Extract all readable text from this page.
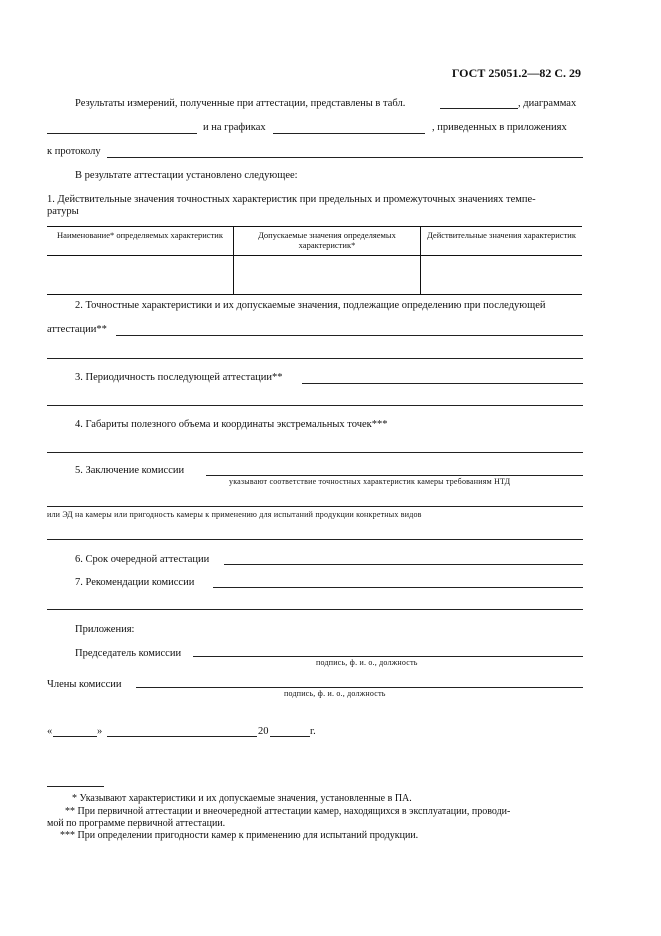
ГОСТ 25051.2—82 С. 29
Результаты измерений, полученные при аттестации, представлены в табл.	, диаграммах
и на графиках	, приведенных в приложениях
к протоколу
В результате аттестации установлено следующее:
1. Действительные значения точностных характеристик при предельных и промежуточных значениях темпе-
ратуры
Наименование* определяемых характеристик	Допускаемые значения определяемых характеристик*	Действительные значения характеристик

2. Точностные характеристики и их допускаемые значения, подлежащие определению при последующей
аттестации**
3. Периодичность последующей аттестации**
4. Габариты полезного объема и координаты экстремальных точек***
5. Заключение комиссии
указывают соответствие точностных характеристик камеры требованиям НТД
или ЭД на камеры или пригодность камеры к применению для испытаний продукции конкретных видов
6. Срок очередной аттестации
7. Рекомендации комиссии
Приложения:
Председатель комиссии
подпись, ф. и. о., должность
Члены комиссии
подпись, ф. и. о., должность
«	»	20	г.
* Указывают характеристики и их допускаемые значения, установленные в ПА.
** При первичной аттестации и внеочередной аттестации камер, находящихся в эксплуатации, проводи-
мой по программе первичной аттестации.
*** При определении пригодности камер к применению для испытаний продукции.
